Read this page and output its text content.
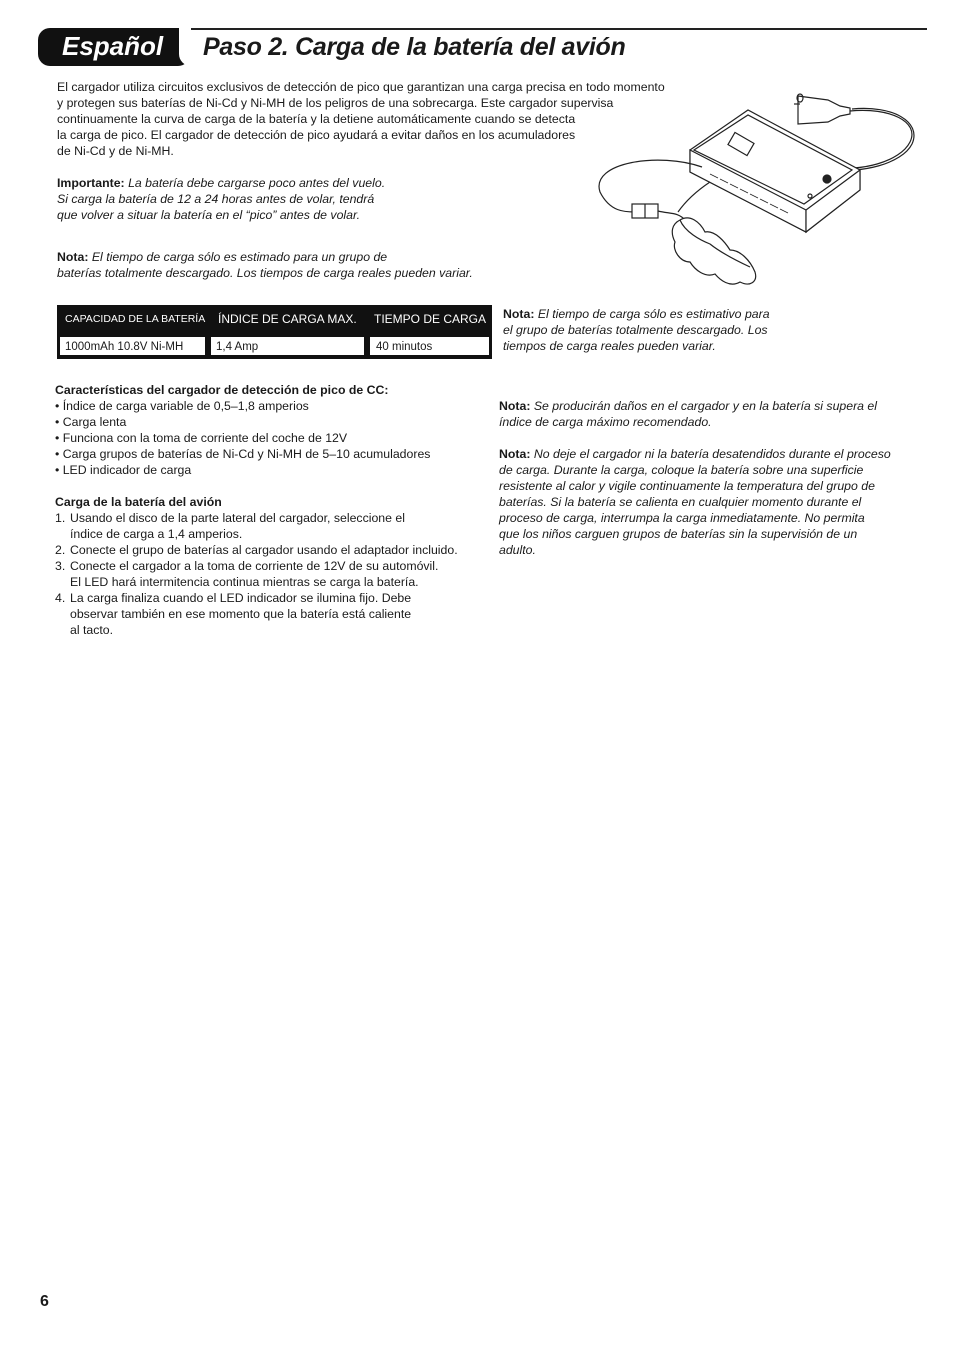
Español	Paso 2. Carga de la batería del avión
El cargador utiliza circuitos exclusivos de detección de pico que garantizan una carga precisa en todo momento
y protegen sus baterías de Ni-Cd y Ni-MH de los peligros de una sobrecarga. Este cargador supervisa
continuamente la curva de carga de la batería y la detiene automáticamente cuando se detecta
la carga de pico. El cargador de detección de pico ayudará a evitar daños en los acumuladores
de Ni-Cd y de Ni-MH.
Importante: La batería debe cargarse poco antes del vuelo.
Si carga la batería de 12 a 24 horas antes de volar, tendrá
que volver a situar la batería en el “pico” antes de volar.
Nota: El tiempo de carga sólo es estimado para un grupo de
baterías totalmente descargado. Los tiempos de carga reales pueden variar.
CAPACIDAD DE LA BATERÍA	ÍNDICE DE CARGA MAX.	TIEMPO DE CARGA
1000mAh 10.8V Ni-MH	1,4 Amp	40 minutos
Nota: El tiempo de carga sólo es estimativo para
el grupo de baterías totalmente descargado. Los
tiempos de carga reales pueden variar.
Características del cargador de detección de pico de CC:
• Índice de carga variable de 0,5–1,8 amperios
• Carga lenta
• Funciona con la toma de corriente del coche de 12V
• Carga grupos de baterías de Ni-Cd y Ni-MH de 5–10 acumuladores
• LED indicador de carga
Carga de la batería del avión
1. Usando el disco de la parte lateral del cargador, seleccione el
índice de carga a 1,4 amperios.
2. Conecte el grupo de baterías al cargador usando el adaptador incluido.
3. Conecte el cargador a la toma de corriente de 12V de su automóvil.
El LED hará intermitencia continua mientras se carga la batería.
4. La carga finaliza cuando el LED indicador se ilumina fijo. Debe
observar también en ese momento que la batería está caliente
al tacto.
Nota: Se producirán daños en el cargador y en la batería si supera el
índice de carga máximo recomendado.
Nota: No deje el cargador ni la batería desatendidos durante el proceso
de carga. Durante la carga, coloque la batería sobre una superficie
resistente al calor y vigile continuamente la temperatura del grupo de
baterías. Si la batería se calienta en cualquier momento durante el
proceso de carga, interrumpa la carga inmediatamente. No permita
que los niños carguen grupos de baterías sin la supervisión de un
adulto.
6
